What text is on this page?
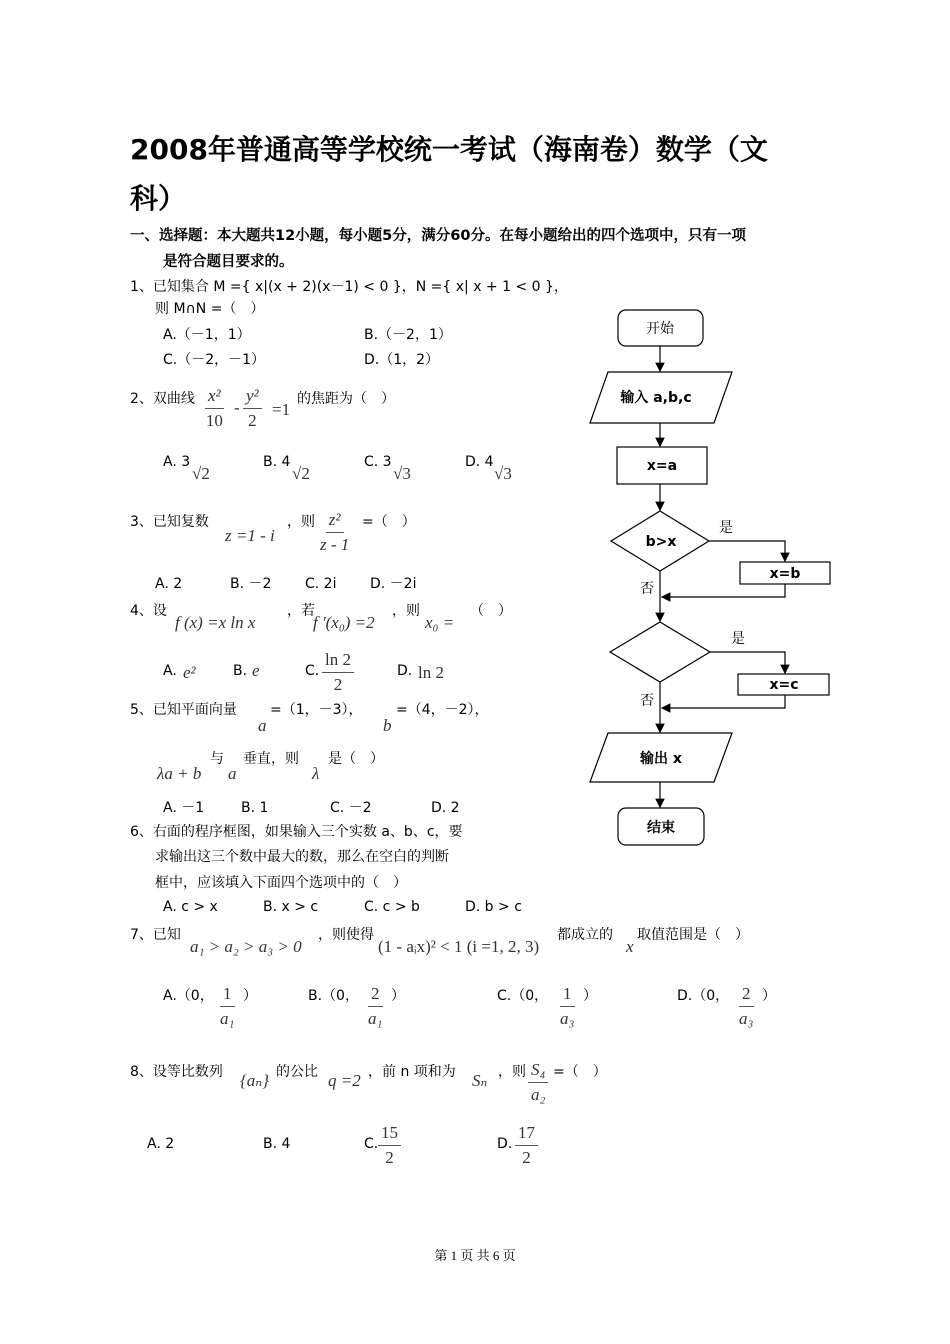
2008年普通高等学校统一考试（海南卷）数学（文
科）
一、选择题：本大题共12小题，每小题5分，满分60分。在每小题给出的四个选项中，只有一项
是符合题目要求的。
1、已知集合 M ={ x|(x + 2)(x－1) < 0 }，N ={ x| x + 1 < 0 }，
则 M∩N =（　）
A.（－1，1）	B.（－2，1）
C.（－2，－1）	D.（1，2）
2、双曲线 $\frac{\text{x²}}{10} - \frac{\text{y²}}{2} =1$
的焦距为（　）
A. 3
√2
B. 4
√2
C. 3
√3
D. 4
√3
3、已知复数
z =1 - i
，则 $\frac{\text{z²}}{z - 1}$ =（　）
A. 2	B. －2 C. 2i D. －2i
4、设
f (x) =x ln x
，若
f '(x₀) =2
，则
x₀ =
（　）
A. e²	B. e	C. $\frac{\ln 2}{2}$	D. ln 2
5、已知平面向量
a
=（1，－3），
b
=（4，－2），
λa + b
与
a
垂直，则
λ
是（　）
A. －1	B. 1	C. －2	D. 2
6、右面的程序框图，如果输入三个实数 a、b、c，要
求输出这三个数中最大的数，那么在空白的判断
框中，应该填入下面四个选项中的（　）
A. c > x	B. x > c	C. c > b	D. b > c
7、已知
a₁ > a₂ > a₃ > 0
，则使得
(1 - aᵢx)² < 1 (i =1, 2, 3)
都成立的
x
取值范围是（　）
A.（0， $\frac{1}{\text{a₁}}$ ）	B.（0， $\frac{2}{\text{a₁}}$ ）	C.（0， $\frac{1}{\text{a₃}}$ ）	D.（0， $\frac{2}{\text{a₃}}$ ）
8、设等比数列 {aₙ} 的公比 q =2 ，前 n 项和为 Sₙ ，则 $\frac{\text{S₄}}{\text{a₂}}$ =（　）
A. 2	B. 4	C. $\frac{15}{2}$	D. $\frac{17}{2}$
开始
输入 a,b,c
x=a
b>x
是
否
x=b
是
否
x=c
输出 x
结束
第 1 页 共 6 页
